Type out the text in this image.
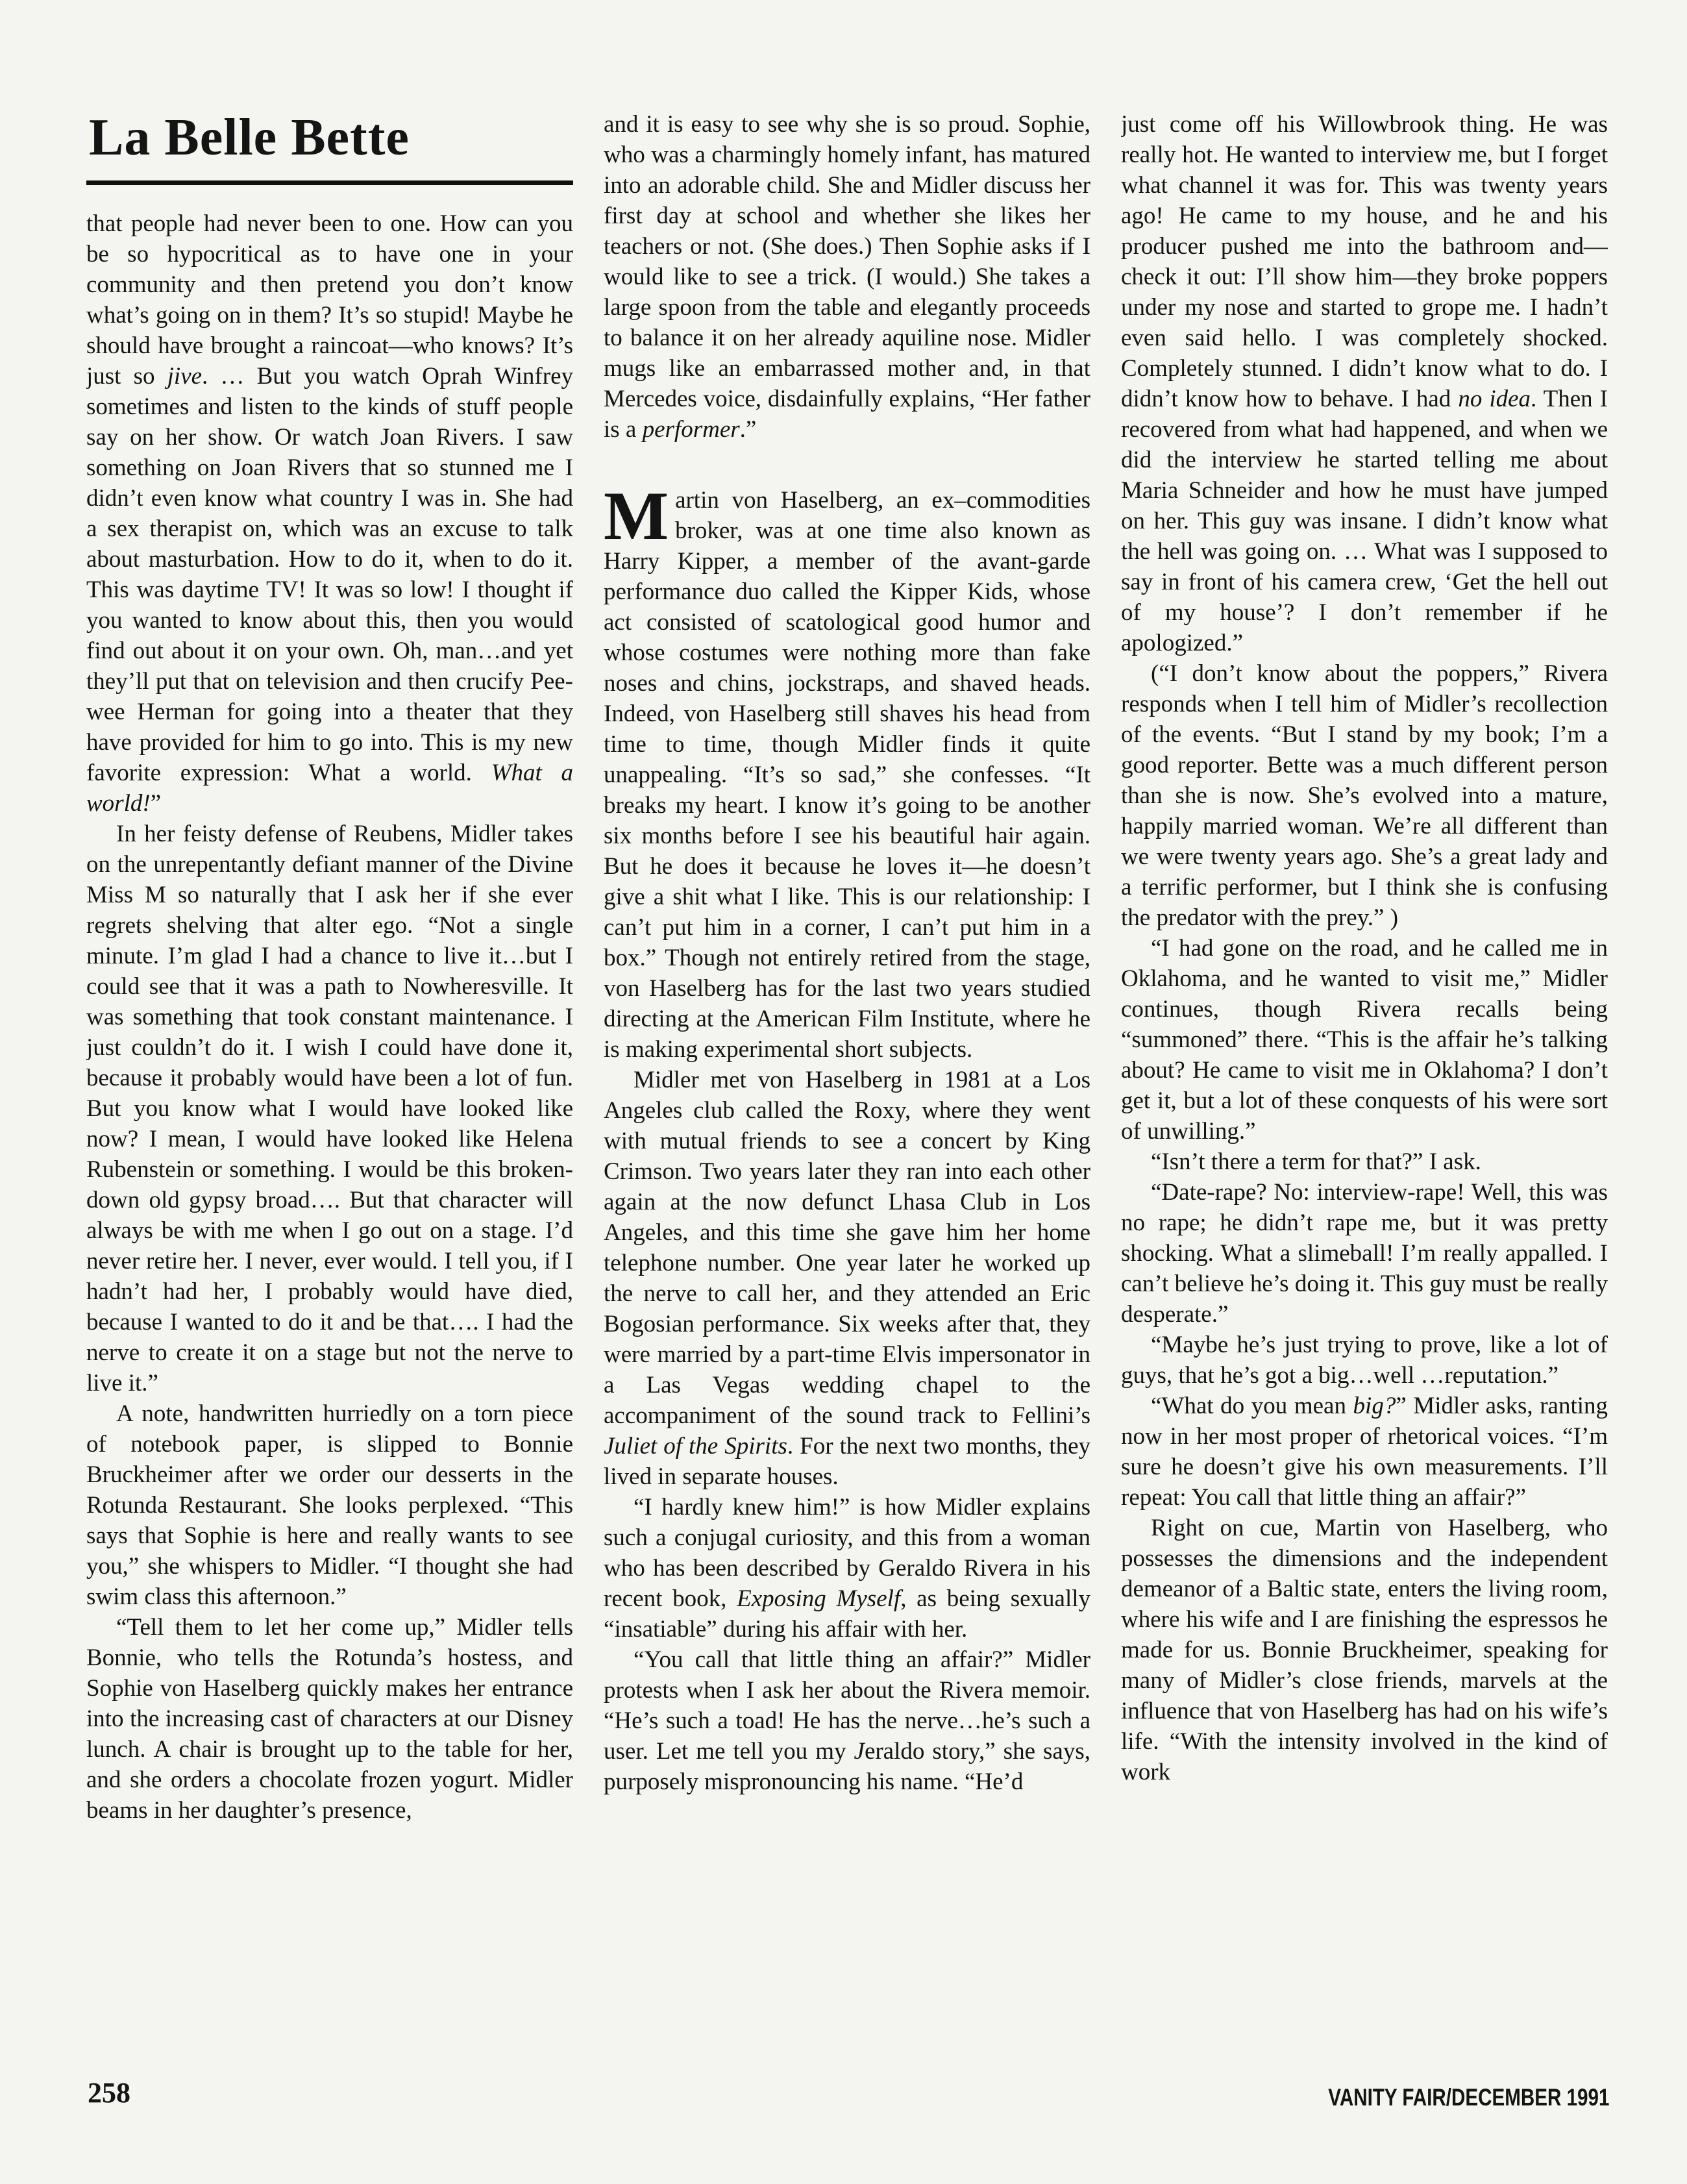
La Belle Bette

that people had never been to one. How can you be so hypocritical as to have one in your community and then pretend you don’t know what’s going on in them? It’s so stupid! Maybe he should have brought a raincoat—who knows? It’s just so jive. … But you watch Oprah Winfrey sometimes and listen to the kinds of stuff people say on her show. Or watch Joan Rivers. I saw something on Joan Rivers that so stunned me I didn’t even know what country I was in. She had a sex therapist on, which was an excuse to talk about masturbation. How to do it, when to do it. This was daytime TV! It was so low! I thought if you wanted to know about this, then you would find out about it on your own. Oh, man…and yet they’ll put that on television and then crucify Pee-wee Herman for going into a theater that they have provided for him to go into. This is my new favorite expression: What a world. What a world!”

In her feisty defense of Reubens, Midler takes on the unrepentantly defiant manner of the Divine Miss M so naturally that I ask her if she ever regrets shelving that alter ego. “Not a single minute. I’m glad I had a chance to live it…but I could see that it was a path to Nowheresville. It was something that took constant maintenance. I just couldn’t do it. I wish I could have done it, because it probably would have been a lot of fun. But you know what I would have looked like now? I mean, I would have looked like Helena Rubenstein or something. I would be this broken-down old gypsy broad…. But that character will always be with me when I go out on a stage. I’d never retire her. I never, ever would. I tell you, if I hadn’t had her, I probably would have died, because I wanted to do it and be that…. I had the nerve to create it on a stage but not the nerve to live it.”

A note, handwritten hurriedly on a torn piece of notebook paper, is slipped to Bonnie Bruckheimer after we order our desserts in the Rotunda Restaurant. She looks perplexed. “This says that Sophie is here and really wants to see you,” she whispers to Midler. “I thought she had swim class this afternoon.”

“Tell them to let her come up,” Midler tells Bonnie, who tells the Rotunda’s hostess, and Sophie von Haselberg quickly makes her entrance into the increasing cast of characters at our Disney lunch. A chair is brought up to the table for her, and she orders a chocolate frozen yogurt. Midler beams in her daughter’s presence,

and it is easy to see why she is so proud. Sophie, who was a charmingly homely infant, has matured into an adorable child. She and Midler discuss her first day at school and whether she likes her teachers or not. (She does.) Then Sophie asks if I would like to see a trick. (I would.) She takes a large spoon from the table and elegantly proceeds to balance it on her already aquiline nose. Midler mugs like an embarrassed mother and, in that Mercedes voice, disdainfully explains, “Her father is a performer.”

Martin von Haselberg, an ex–commodities broker, was at one time also known as Harry Kipper, a member of the avant-garde performance duo called the Kipper Kids, whose act consisted of scatological good humor and whose costumes were nothing more than fake noses and chins, jockstraps, and shaved heads. Indeed, von Haselberg still shaves his head from time to time, though Midler finds it quite unappealing. “It’s so sad,” she confesses. “It breaks my heart. I know it’s going to be another six months before I see his beautiful hair again. But he does it because he loves it—he doesn’t give a shit what I like. This is our relationship: I can’t put him in a corner, I can’t put him in a box.” Though not entirely retired from the stage, von Haselberg has for the last two years studied directing at the American Film Institute, where he is making experimental short subjects.

Midler met von Haselberg in 1981 at a Los Angeles club called the Roxy, where they went with mutual friends to see a concert by King Crimson. Two years later they ran into each other again at the now defunct Lhasa Club in Los Angeles, and this time she gave him her home telephone number. One year later he worked up the nerve to call her, and they attended an Eric Bogosian performance. Six weeks after that, they were married by a part-time Elvis impersonator in a Las Vegas wedding chapel to the accompaniment of the sound track to Fellini’s Juliet of the Spirits. For the next two months, they lived in separate houses.

“I hardly knew him!” is how Midler explains such a conjugal curiosity, and this from a woman who has been described by Geraldo Rivera in his recent book, Exposing Myself, as being sexually “insatiable” during his affair with her.

“You call that little thing an affair?” Midler protests when I ask her about the Rivera memoir. “He’s such a toad! He has the nerve…he’s such a user. Let me tell you my Jeraldo story,” she says, purposely mispronouncing his name. “He’d

just come off his Willowbrook thing. He was really hot. He wanted to interview me, but I forget what channel it was for. This was twenty years ago! He came to my house, and he and his producer pushed me into the bathroom and—check it out: I’ll show him—they broke poppers under my nose and started to grope me. I hadn’t even said hello. I was completely shocked. Completely stunned. I didn’t know what to do. I didn’t know how to behave. I had no idea. Then I recovered from what had happened, and when we did the interview he started telling me about Maria Schneider and how he must have jumped on her. This guy was insane. I didn’t know what the hell was going on. … What was I supposed to say in front of his camera crew, ‘Get the hell out of my house’? I don’t remember if he apologized.”

(“I don’t know about the poppers,” Rivera responds when I tell him of Midler’s recollection of the events. “But I stand by my book; I’m a good reporter. Bette was a much different person than she is now. She’s evolved into a mature, happily married woman. We’re all different than we were twenty years ago. She’s a great lady and a terrific performer, but I think she is confusing the predator with the prey.” )

“I had gone on the road, and he called me in Oklahoma, and he wanted to visit me,” Midler continues, though Rivera recalls being “summoned” there. “This is the affair he’s talking about? He came to visit me in Oklahoma? I don’t get it, but a lot of these conquests of his were sort of unwilling.”

“Isn’t there a term for that?” I ask.

“Date-rape? No: interview-rape! Well, this was no rape; he didn’t rape me, but it was pretty shocking. What a slimeball! I’m really appalled. I can’t believe he’s doing it. This guy must be really desperate.”

“Maybe he’s just trying to prove, like a lot of guys, that he’s got a big…well …reputation.”

“What do you mean big?” Midler asks, ranting now in her most proper of rhetorical voices. “I’m sure he doesn’t give his own measurements. I’ll repeat: You call that little thing an affair?”

Right on cue, Martin von Haselberg, who possesses the dimensions and the independent demeanor of a Baltic state, enters the living room, where his wife and I are finishing the espressos he made for us. Bonnie Bruckheimer, speaking for many of Midler’s close friends, marvels at the influence that von Haselberg has had on his wife’s life. “With the intensity involved in the kind of work

258	VANITY FAIR/DECEMBER 1991
